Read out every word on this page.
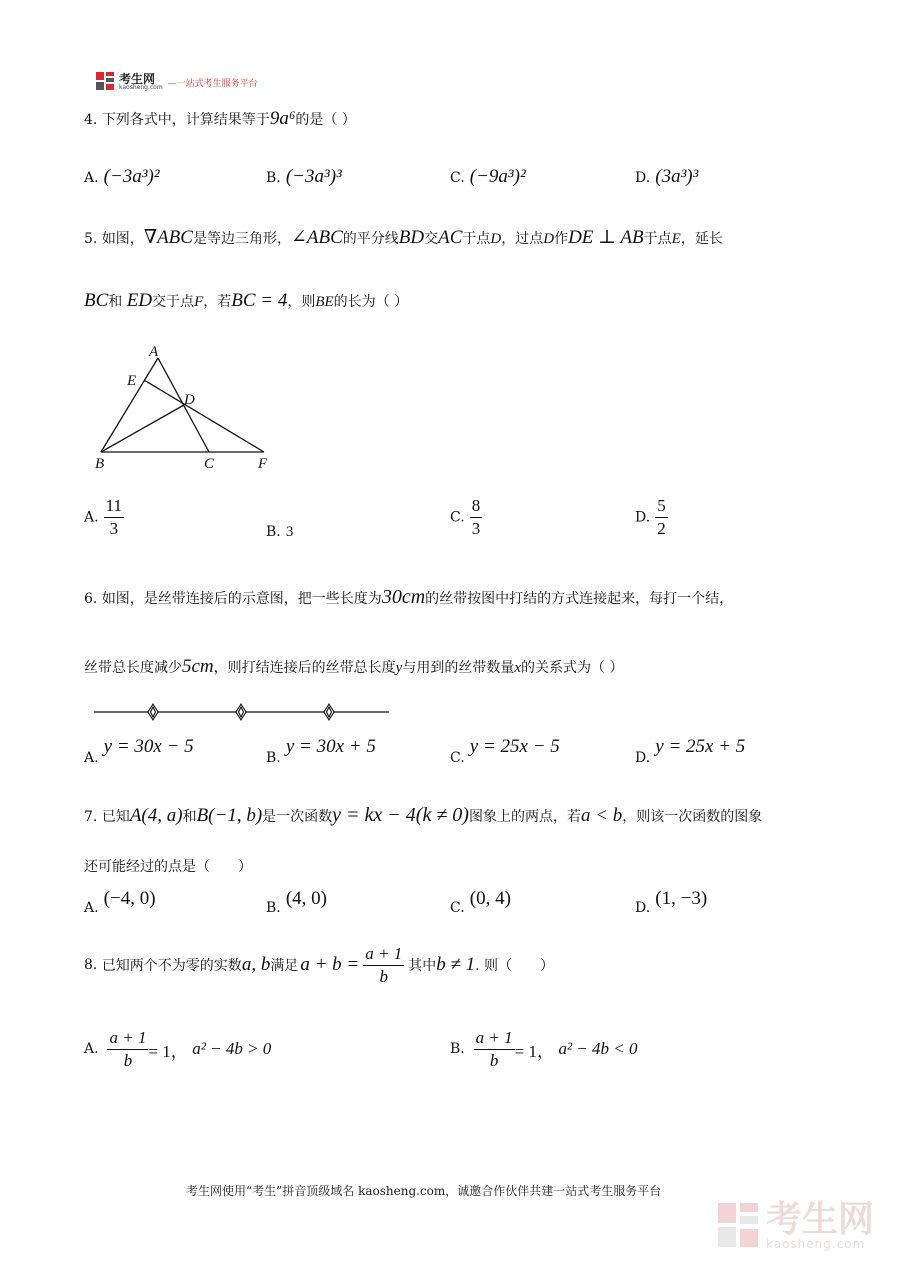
考生网
kaosheng.com —一站式考生服务平台
4. 下列各式中，计算结果等于9a⁶的是（ ）
A. (−3a³)²	B. (−3a³)³	C. (−9a³)²	D. (3a³)³
5. 如图，∇ABC是等边三角形，∠ABC的平分线BD交AC于点D，过点D作DE ⊥ AB于点E，延长
BC和 ED交于点F，若BC = 4，则BE的长为（ ）
A
E
D
B	C	F
A. $\frac{11}{3}$	B. 3
C. $\frac{8}{3}$	D. $\frac{5}{2}$
6. 如图，是丝带连接后的示意图，把一些长度为30cm的丝带按图中打结的方式连接起来，每打一个结，
丝带总长度减少5cm，则打结连接后的丝带总长度y与用到的丝带数量x的关系式为（ ）
A. y = 30x − 5
B. y = 30x + 5
C. y = 25x − 5
D. y = 25x + 5
7. 已知A(4, a)和B(−1, b)是一次函数y = kx − 4(k ≠ 0)图象上的两点，若a < b，则该一次函数的图象
还可能经过的点是（　　）
A. (−4, 0)	B. (4, 0)	C. (0, 4)	D. (1, −3)
8.
已知两个不为零的实数 a, b 满足 $a + b = \frac{a + 1}{b}$ 其中 b ≠ 1 . 则（　　）
A.
$\frac{a + 1}{b} = 1$，
a² − 4b > 0	B.
$\frac{a + 1}{b} = 1$，
a² − 4b < 0
考生网使用“考生”拼音顶级域名 kaosheng.com，诚邀合作伙伴共建一站式考生服务平台
考生网
kaosheng.com
